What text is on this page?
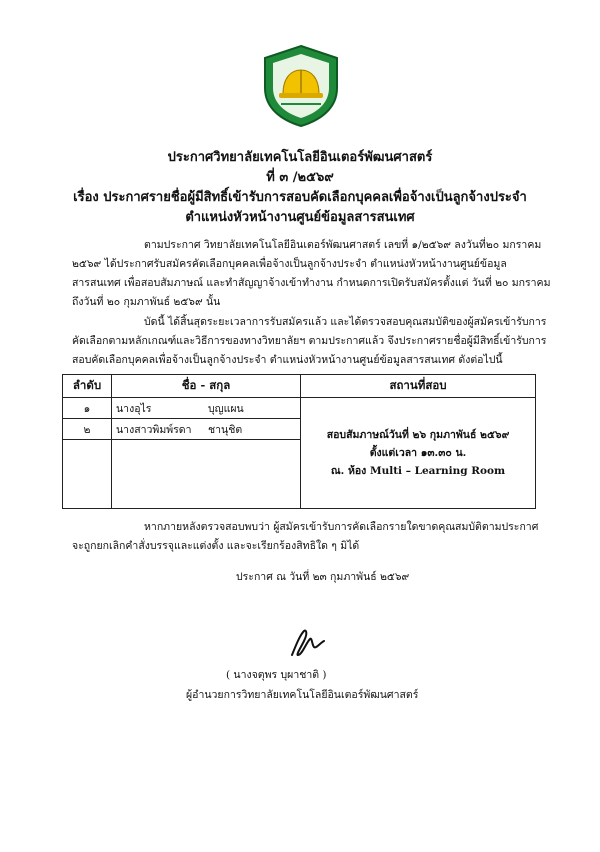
ประกาศวิทยาลัยเทคโนโลยีอินเตอร์พัฒนศาสตร์
ที่ ๓ /๒๕๖๙
เรื่อง ประกาศรายชื่อผู้มีสิทธิ์เข้ารับการสอบคัดเลือกบุคคลเพื่อจ้างเป็นลูกจ้างประจำ
ตำแหน่งหัวหน้างานศูนย์ข้อมูลสารสนเทศ

ตามประกาศ วิทยาลัยเทคโนโลยีอินเตอร์พัฒนศาสตร์ เลขที่ ๑/๒๕๖๙ ลงวันที่๒๐ มกราคม

๒๕๖๙ ได้ประกาศรับสมัครคัดเลือกบุคคลเพื่อจ้างเป็นลูกจ้างประจำ ตำแหน่งหัวหน้างานศูนย์ข้อมูล

สารสนเทศ เพื่อสอบสัมภาษณ์ และทำสัญญาจ้างเข้าทำงาน กำหนดการเปิดรับสมัครตั้งแต่ วันที่ ๒๐ มกราคม

ถึงวันที่ ๒๐ กุมภาพันธ์ ๒๕๖๙ นั้น

บัดนี้ ได้สิ้นสุดระยะเวลาการรับสมัครแล้ว และได้ตรวจสอบคุณสมบัติของผู้สมัครเข้ารับการ

คัดเลือกตามหลักเกณฑ์และวิธีการของทางวิทยาลัยฯ ตามประกาศแล้ว จึงประกาศรายชื่อผู้มีสิทธิ์เข้ารับการ

สอบคัดเลือกบุคคลเพื่อจ้างเป็นลูกจ้างประจำ ตำแหน่งหัวหน้างานศูนย์ข้อมูลสารสนเทศ ดังต่อไปนี้

ลำดับ	ชื่อ - สกุล	สถานที่สอบ
๑	นางอุไร บุญแผน	สอบสัมภาษณ์วันที่ ๒๖ กุมภาพันธ์ ๒๕๖๙
ตั้งแต่เวลา ๑๓.๓๐ น.
ณ. ห้อง Multi – Learning Room

๒	นางสาวพิมพ์รดา ชานุชิต	

หากภายหลังตรวจสอบพบว่า ผู้สมัครเข้ารับการคัดเลือกรายใดขาดคุณสมบัติตามประกาศ

จะถูกยกเลิกคำสั่งบรรจุและแต่งตั้ง และจะเรียกร้องสิทธิใด ๆ มิได้

ประกาศ ณ วันที่ ๒๓ กุมภาพันธ์ ๒๕๖๙
( นางจตุพร บุผาชาติ )
ผู้อำนวยการวิทยาลัยเทคโนโลยีอินเตอร์พัฒนศาสตร์
